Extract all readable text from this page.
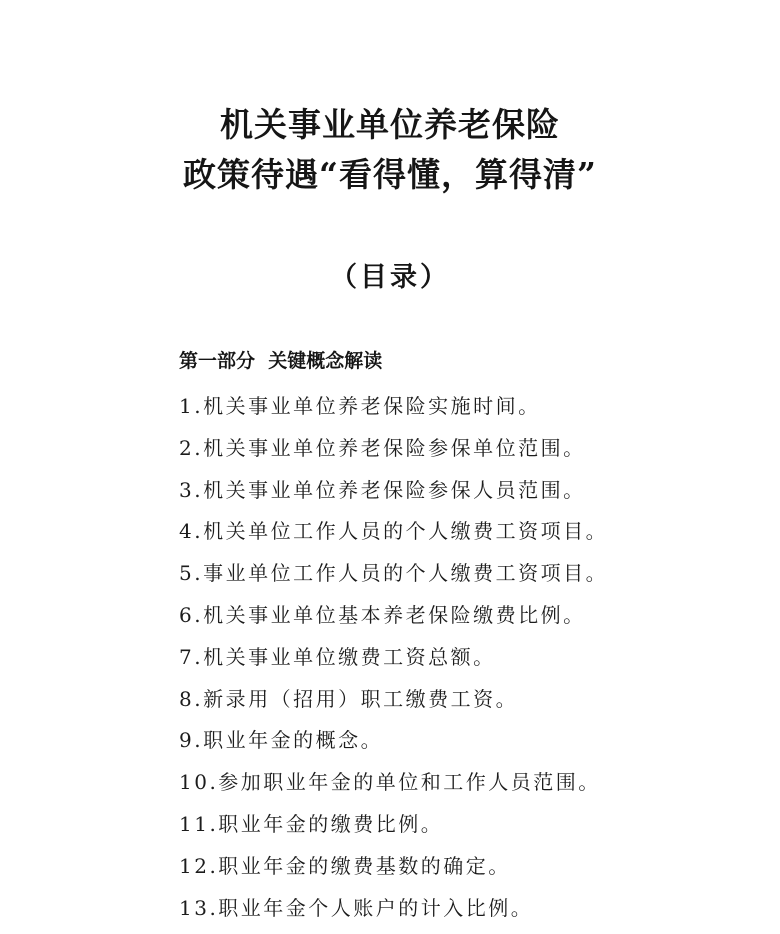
机关事业单位养老保险
政策待遇“看得懂，算得清”
（目录）
第一部分  关键概念解读
1.机关事业单位养老保险实施时间。
2.机关事业单位养老保险参保单位范围。
3.机关事业单位养老保险参保人员范围。
4.机关单位工作人员的个人缴费工资项目。
5.事业单位工作人员的个人缴费工资项目。
6.机关事业单位基本养老保险缴费比例。
7.机关事业单位缴费工资总额。
8.新录用（招用）职工缴费工资。
9.职业年金的概念。
10.参加职业年金的单位和工作人员范围。
11.职业年金的缴费比例。
12.职业年金的缴费基数的确定。
13.职业年金个人账户的计入比例。
